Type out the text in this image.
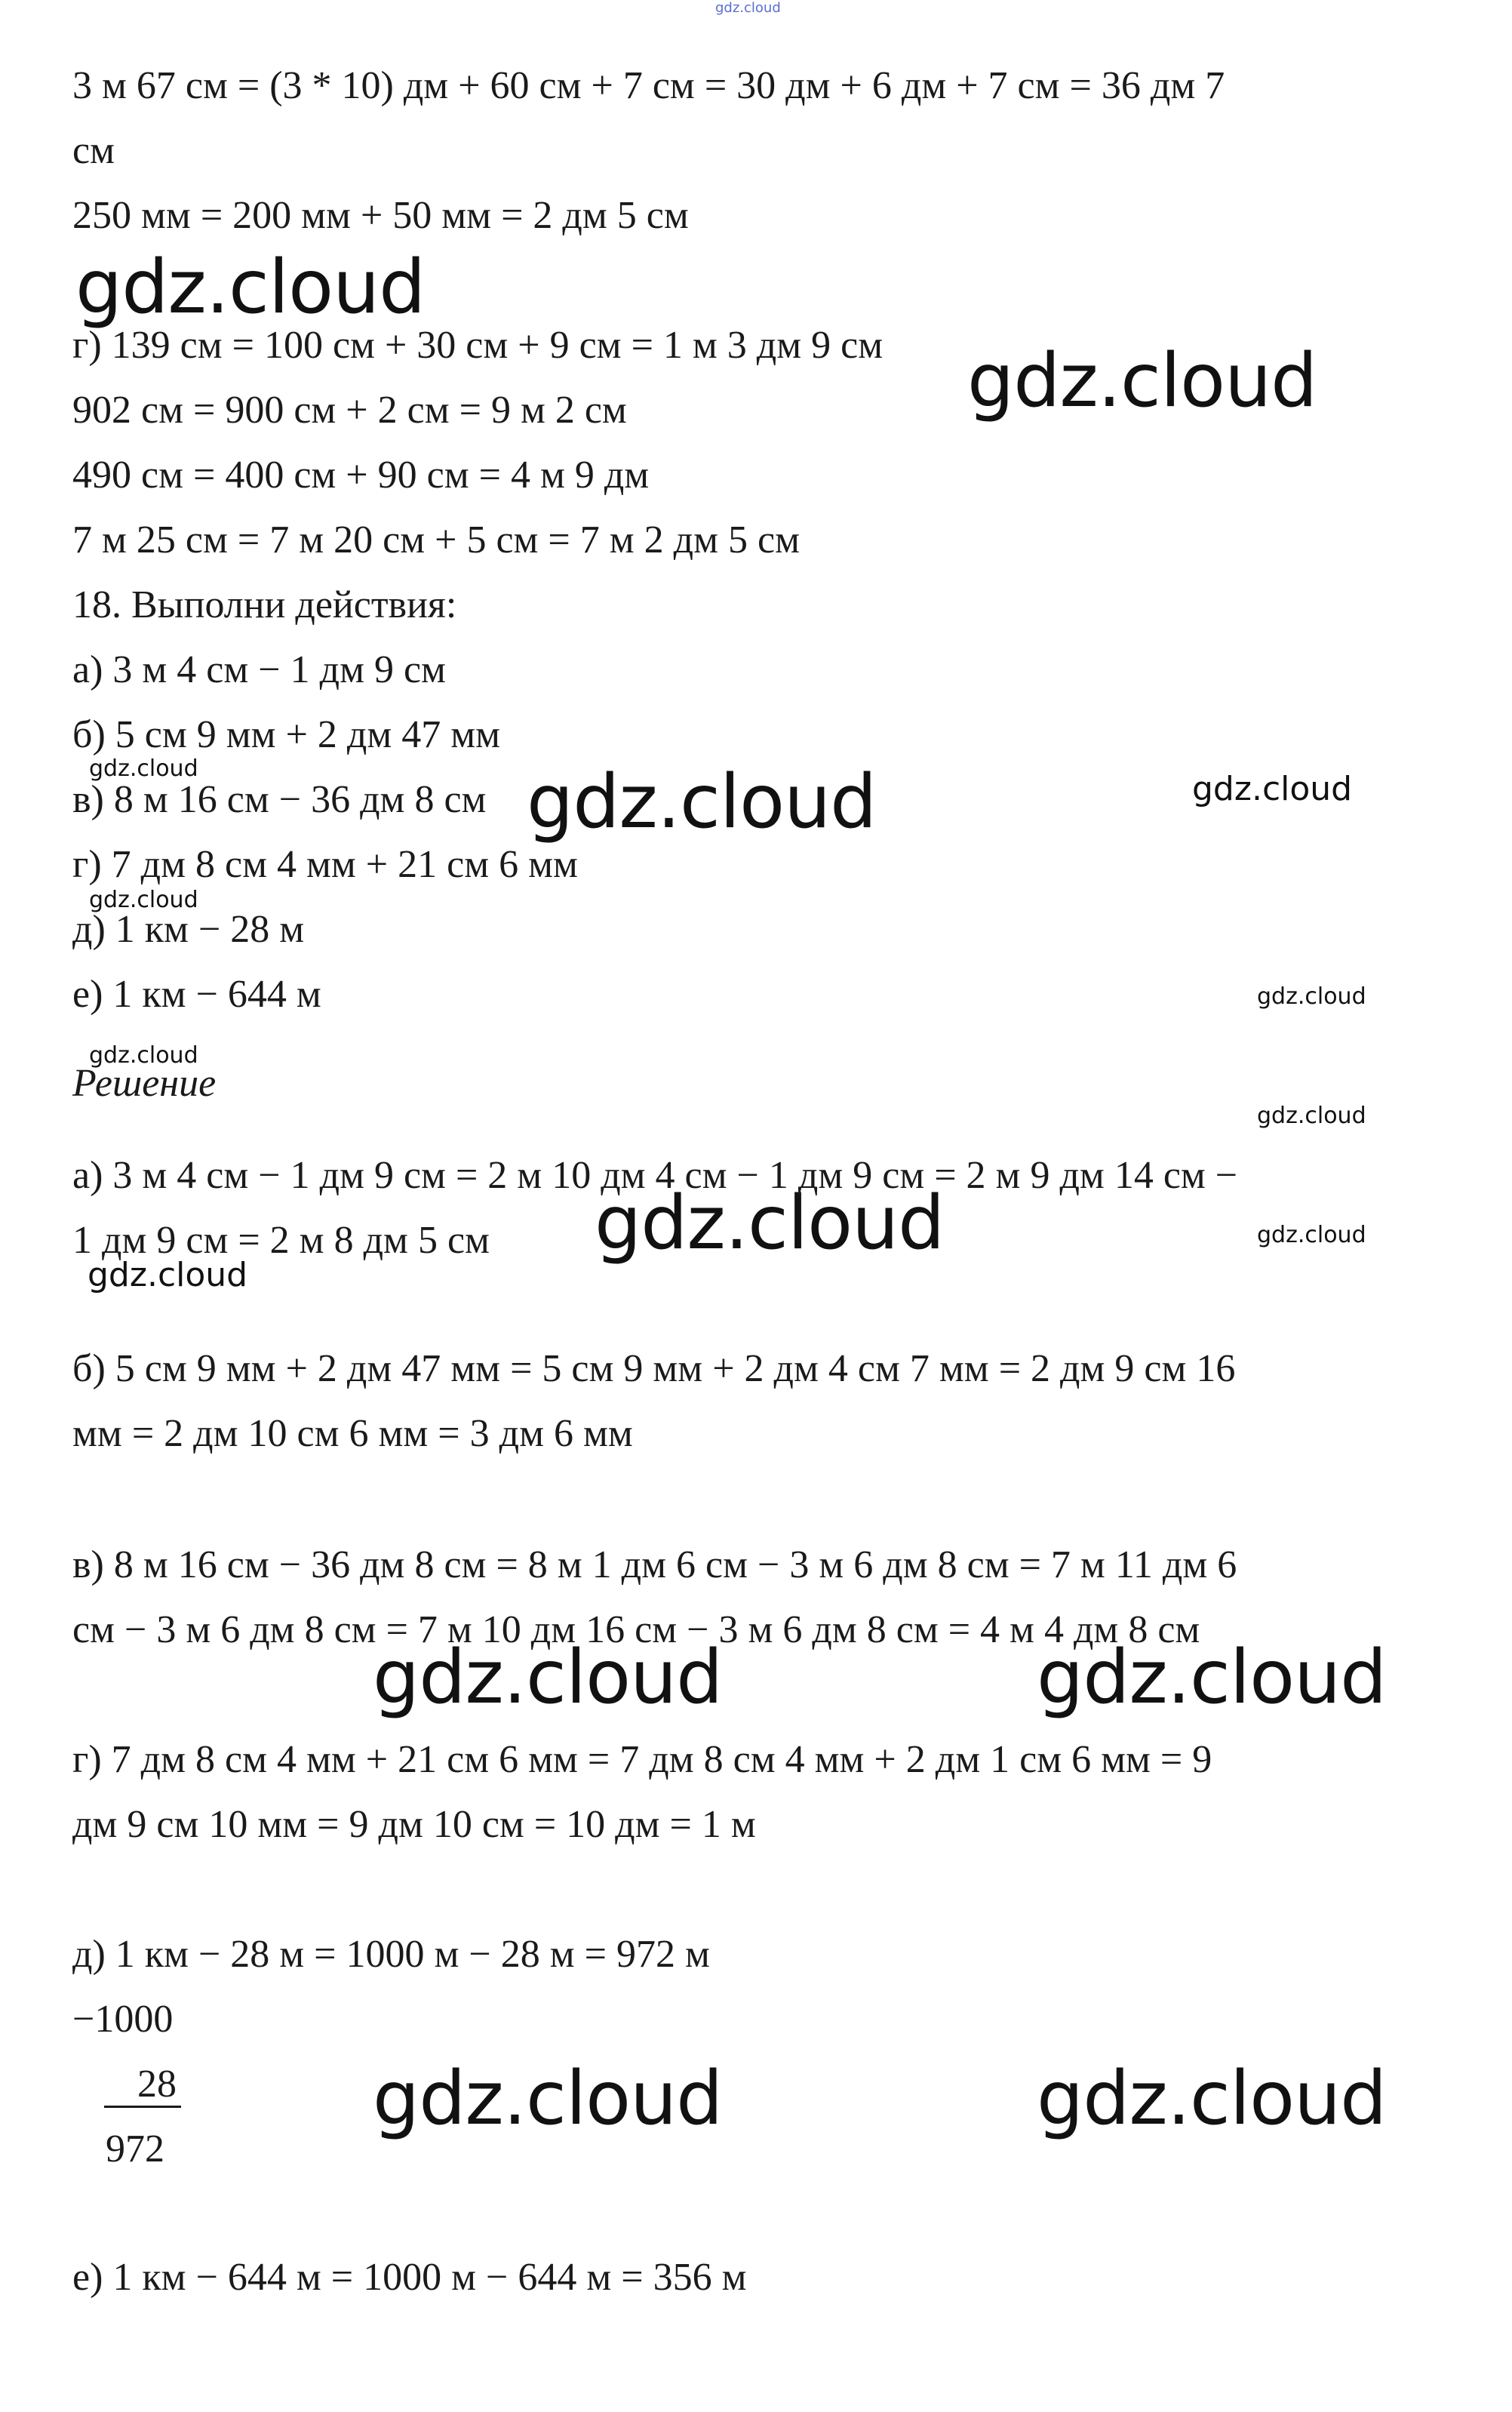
gdz.cloud
gdz.cloud
gdz.cloud
gdz.cloud	gdz.cloud	gdz.cloud
gdz.cloud
gdz.cloud
gdz.cloud
gdz.cloud
gdz.cloud	gdz.cloud
gdz.cloud
gdz.cloud	gdz.cloud
gdz.cloud	gdz.cloud

3 м 67 см = (3 * 10) дм + 60 см + 7 см = 30 дм + 6 дм + 7 см = 36 дм 7

см

250 мм = 200 мм + 50 мм = 2 дм 5 см

г) 139 см = 100 см + 30 см + 9 см = 1 м 3 дм 9 см

902 см = 900 см + 2 см = 9 м 2 см

490 см = 400 см + 90 см = 4 м 9 дм

7 м 25 см = 7 м 20 см + 5 см = 7 м 2 дм 5 см

18. Выполни действия:

а) 3 м 4 см − 1 дм 9 см

б) 5 см 9 мм + 2 дм 47 мм

в) 8 м 16 см − 36 дм 8 см

г) 7 дм 8 см 4 мм + 21 см 6 мм

д) 1 км − 28 м

е) 1 км − 644 м

Решение

а) 3 м 4 см − 1 дм 9 см = 2 м 10 дм 4 см − 1 дм 9 см = 2 м 9 дм 14 см −

1 дм 9 см = 2 м 8 дм 5 см

б) 5 см 9 мм + 2 дм 47 мм = 5 см 9 мм + 2 дм 4 см 7 мм = 2 дм 9 см 16

мм = 2 дм 10 см 6 мм = 3 дм 6 мм

в) 8 м 16 см − 36 дм 8 см = 8 м 1 дм 6 см − 3 м 6 дм 8 см = 7 м 11 дм 6

см − 3 м 6 дм 8 см = 7 м 10 дм 16 см − 3 м 6 дм 8 см = 4 м 4 дм 8 см

г) 7 дм 8 см 4 мм + 21 см 6 мм = 7 дм 8 см 4 мм + 2 дм 1 см 6 мм = 9

дм 9 см 10 мм = 9 дм 10 см = 10 дм = 1 м

д) 1 км − 28 м = 1000 м − 28 м = 972 м

−1000

28

972

е) 1 км − 644 м = 1000 м − 644 м = 356 м
